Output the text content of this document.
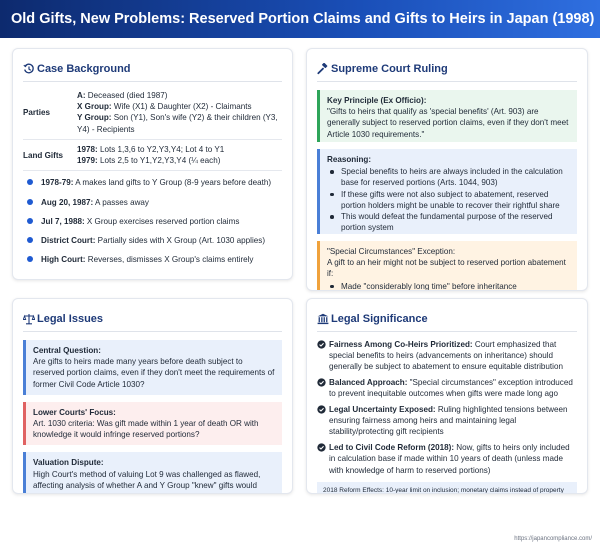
Old Gifts, New Problems: Reserved Portion Claims and Gifts to Heirs in Japan (1998)
Case Background
Parties
A: Deceased (died 1987)
X Group: Wife (X1) & Daughter (X2) - Claimants
Y Group: Son (Y1), Son's wife (Y2) & their children (Y3, Y4) - Recipients
Land Gifts
1978: Lots 1,3,6 to Y2,Y3,Y4; Lot 4 to Y1
1979: Lots 2,5 to Y1,Y2,Y3,Y4 (¼ each)
1978-79: A makes land gifts to Y Group (8-9 years before death)
Aug 20, 1987: A passes away
Jul 7, 1988: X Group exercises reserved portion claims
District Court: Partially sides with X Group (Art. 1030 applies)
High Court: Reverses, dismisses X Group's claims entirely
Supreme Court Ruling
Key Principle (Ex Officio):
"Gifts to heirs that qualify as 'special benefits' (Art. 903) are generally subject to reserved portion claims, even if they don't meet Article 1030 requirements."
Reasoning:
Special benefits to heirs are always included in the calculation base for reserved portions (Arts. 1044, 903)
If these gifts were not also subject to abatement, reserved portion holders might be unable to recover their rightful share
This would defeat the fundamental purpose of the reserved portion system
"Special Circumstances" Exception:
A gift to an heir might not be subject to reserved portion abatement if:
Made "considerably long time" before inheritance
Legal Issues
Central Question:
Are gifts to heirs made many years before death subject to reserved portion claims, even if they don't meet the requirements of former Civil Code Article 1030?
Lower Courts' Focus:
Art. 1030 criteria: Was gift made within 1 year of death OR with knowledge it would infringe reserved portions?
Valuation Dispute:
High Court's method of valuing Lot 9 was challenged as flawed, affecting analysis of whether A and Y Group "knew" gifts would
Legal Significance

Fairness Among Co-Heirs Prioritized: Court emphasized that special benefits to heirs (advancements on inheritance) should generally be subject to abatement to ensure equitable distribution

Balanced Approach: "Special circumstances" exception introduced to prevent inequitable outcomes when gifts were made long ago

Legal Uncertainty Exposed: Ruling highlighted tensions between ensuring fairness among heirs and maintaining legal stability/protecting gift recipients

Led to Civil Code Reform (2018): Now, gifts to heirs only included in calculation base if made within 10 years of death (unless made with knowledge of harm to reserved portions)

2018 Reform Effects: 10-year limit on inclusion; monetary claims instead of property
https://japancompliance.com/
